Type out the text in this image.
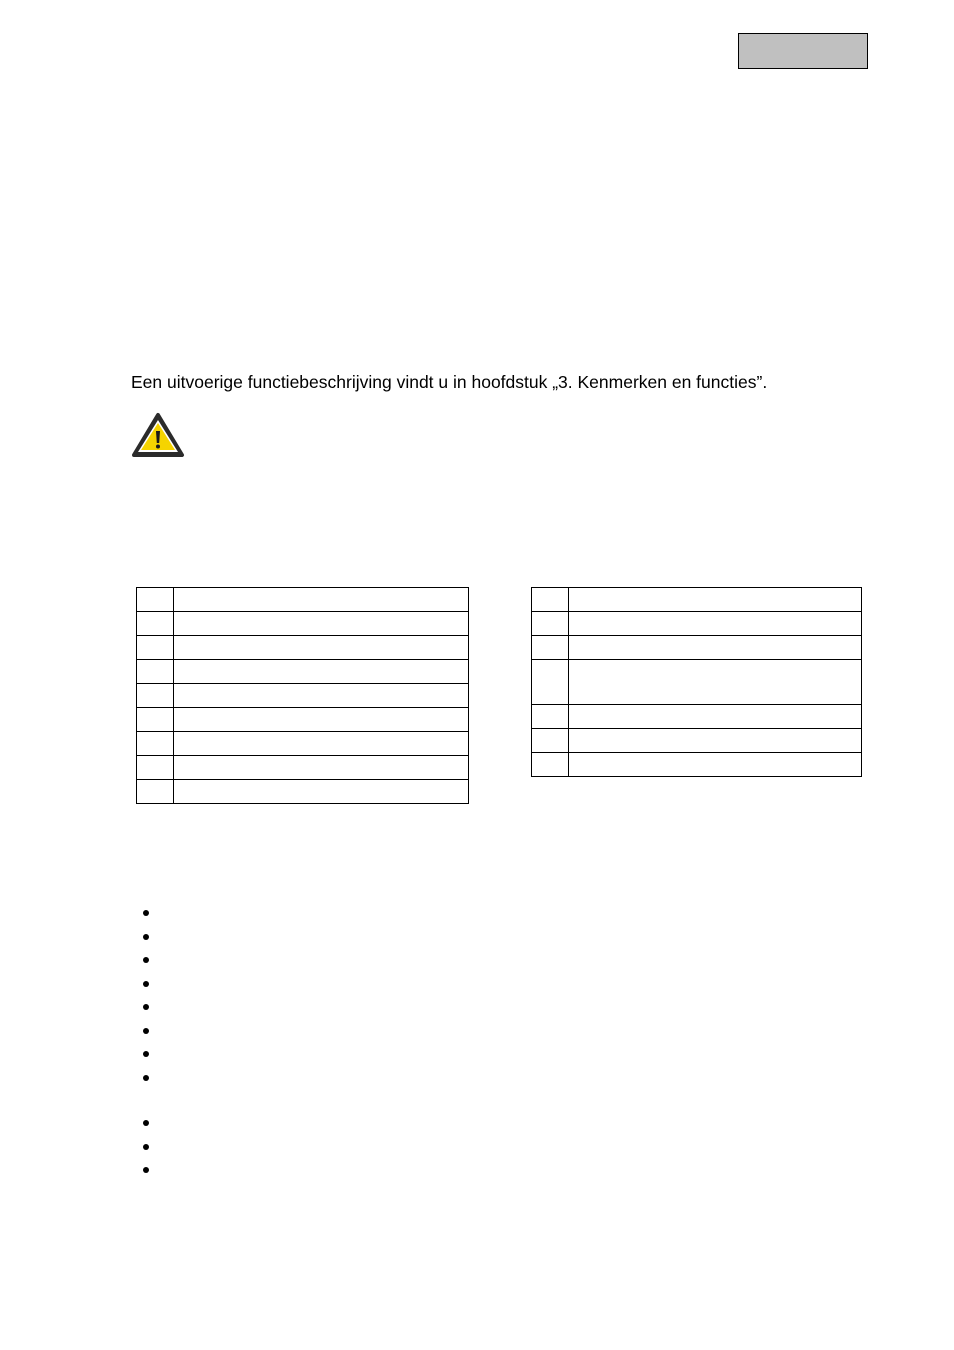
Een uitvoerige functiebeschrijving vindt u in hoofdstuk „3. Kenmerken en functies”.
